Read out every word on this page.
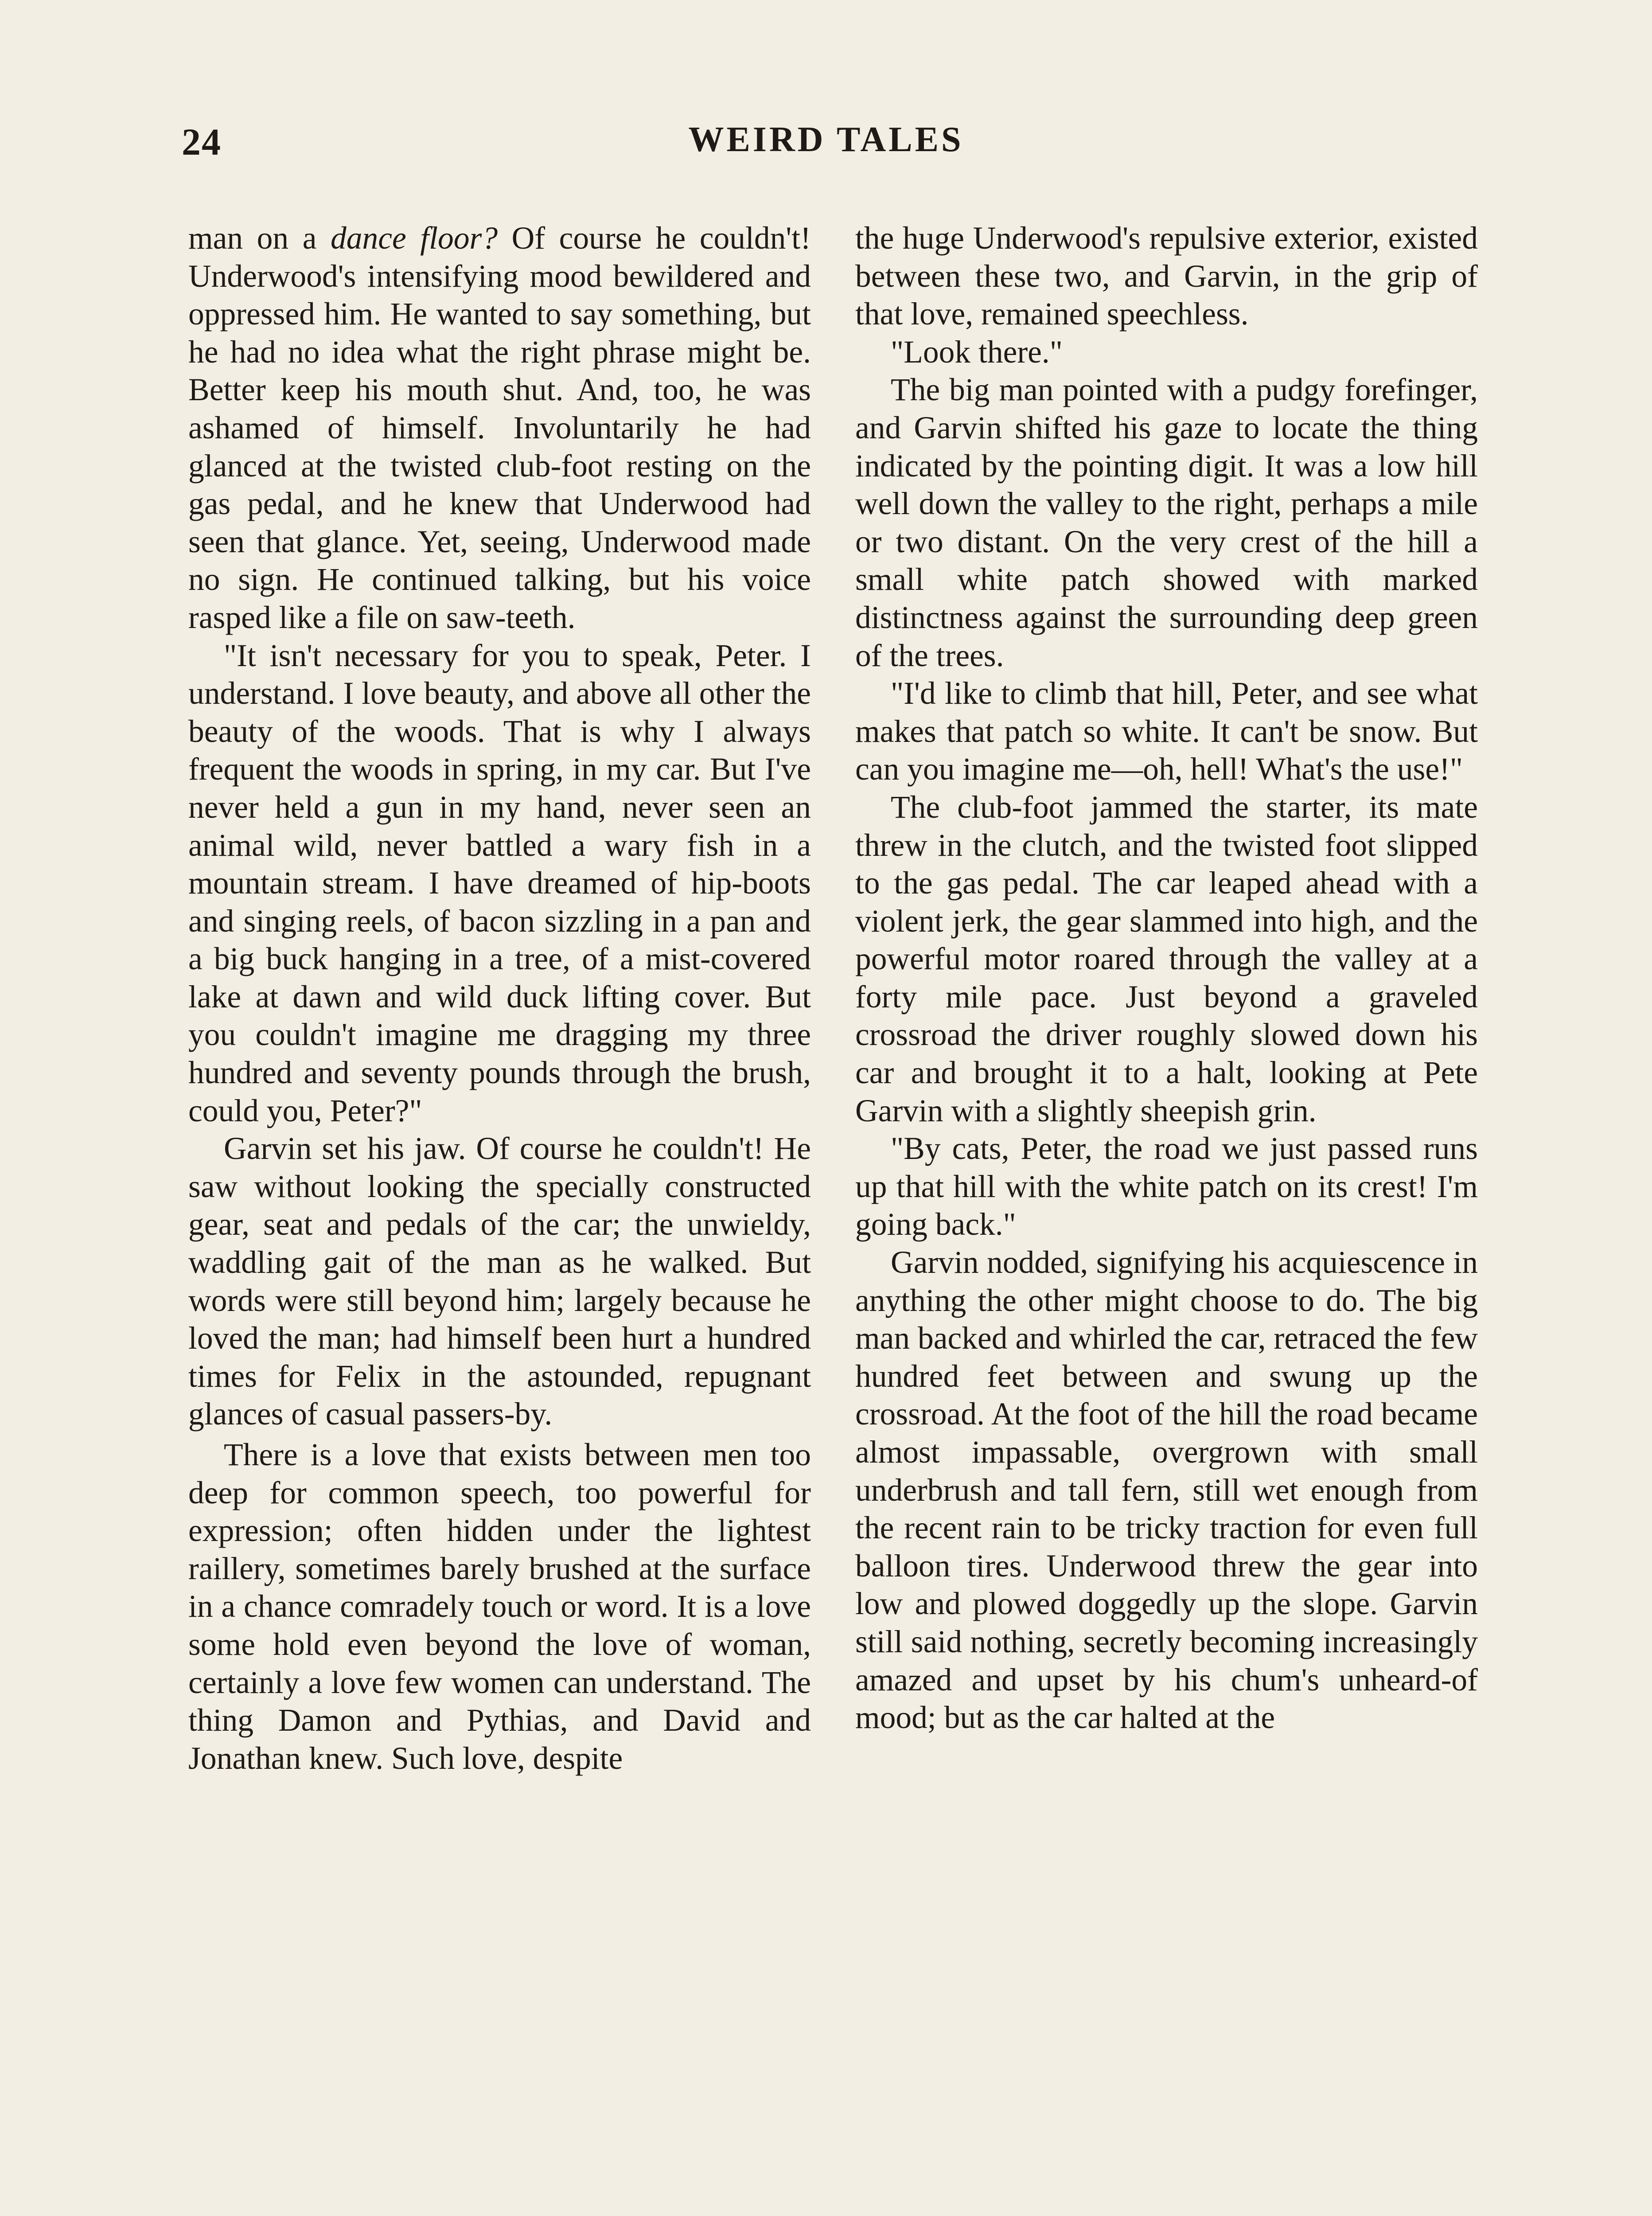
24	WEIRD TALES

man on a dance floor? Of course he couldn't! Underwood's intensifying mood bewildered and oppressed him. He wanted to say something, but he had no idea what the right phrase might be. Better keep his mouth shut. And, too, he was ashamed of himself. Involuntarily he had glanced at the twisted club-foot resting on the gas pedal, and he knew that Underwood had seen that glance. Yet, seeing, Underwood made no sign. He continued talking, but his voice rasped like a file on saw-teeth.

"It isn't necessary for you to speak, Peter. I understand. I love beauty, and above all other the beauty of the woods. That is why I always frequent the woods in spring, in my car. But I've never held a gun in my hand, never seen an animal wild, never battled a wary fish in a mountain stream. I have dreamed of hip-boots and singing reels, of bacon sizzling in a pan and a big buck hanging in a tree, of a mist-covered lake at dawn and wild duck lifting cover. But you couldn't imagine me dragging my three hundred and seventy pounds through the brush, could you, Peter?"

Garvin set his jaw. Of course he couldn't! He saw without looking the specially constructed gear, seat and pedals of the car; the unwieldy, waddling gait of the man as he walked. But words were still beyond him; largely because he loved the man; had himself been hurt a hundred times for Felix in the astounded, repugnant glances of casual passers-by.

There is a love that exists between men too deep for common speech, too powerful for expression; often hidden under the lightest raillery, sometimes barely brushed at the surface in a chance comradely touch or word. It is a love some hold even beyond the love of woman, certainly a love few women can understand. The thing Damon and Pythias, and David and Jonathan knew. Such love, despite

the huge Underwood's repulsive exterior, existed between these two, and Garvin, in the grip of that love, remained speechless.

"Look there."

The big man pointed with a pudgy forefinger, and Garvin shifted his gaze to locate the thing indicated by the pointing digit. It was a low hill well down the valley to the right, perhaps a mile or two distant. On the very crest of the hill a small white patch showed with marked distinctness against the surrounding deep green of the trees.

"I'd like to climb that hill, Peter, and see what makes that patch so white. It can't be snow. But can you imagine me—oh, hell! What's the use!"

The club-foot jammed the starter, its mate threw in the clutch, and the twisted foot slipped to the gas pedal. The car leaped ahead with a violent jerk, the gear slammed into high, and the powerful motor roared through the valley at a forty mile pace. Just beyond a graveled crossroad the driver roughly slowed down his car and brought it to a halt, looking at Pete Garvin with a slightly sheepish grin.

"By cats, Peter, the road we just passed runs up that hill with the white patch on its crest! I'm going back."

Garvin nodded, signifying his acquiescence in anything the other might choose to do. The big man backed and whirled the car, retraced the few hundred feet between and swung up the crossroad. At the foot of the hill the road became almost impassable, overgrown with small underbrush and tall fern, still wet enough from the recent rain to be tricky traction for even full balloon tires. Underwood threw the gear into low and plowed doggedly up the slope. Garvin still said nothing, secretly becoming increasingly amazed and upset by his chum's unheard-of mood; but as the car halted at the
